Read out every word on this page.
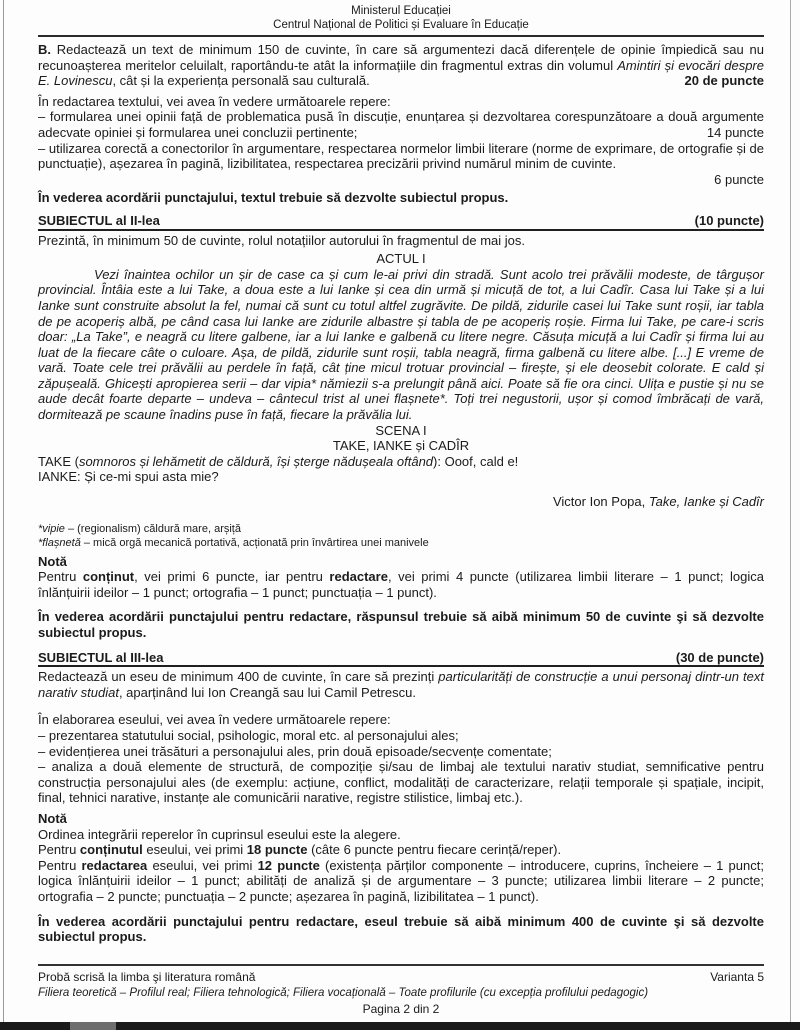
Ministerul Educației
Centrul Național de Politici și Evaluare în Educație

B. Redactează un text de minimum 150 de cuvinte, în care să argumentezi dacă diferențele de opinie împiedică sau nu recunoașterea meritelor celuilalt, raportându-te atât la informațiile din fragmentul extras din volumul Amintiri și evocări despre E. Lovinescu, cât și la experiența personală sau culturală.	20 de puncte

În redactarea textului, vei avea în vedere următoarele repere:

– formularea unei opinii față de problematica pusă în discuție, enunțarea și dezvoltarea corespunzătoare a două argumente adecvate opiniei și formularea unei concluzii pertinente;	14 puncte

– utilizarea corectă a conectorilor în argumentare, respectarea normelor limbii literare (norme de exprimare, de ortografie și de punctuație), așezarea în pagină, lizibilitatea, respectarea precizării privind numărul minim de cuvinte.

6 puncte

În vederea acordării punctajului, textul trebuie să dezvolte subiectul propus.

SUBIECTUL al II-lea	(10 puncte)

Prezintă, în minimum 50 de cuvinte, rolul notațiilor autorului în fragmentul de mai jos.

ACTUL I

Vezi înaintea ochilor un șir de case ca și cum le-ai privi din stradă. Sunt acolo trei prăvălii modeste, de târgușor provincial. Întâia este a lui Take, a doua este a lui Ianke și cea din urmă și micuță de tot, a lui Cadîr. Casa lui Take și a lui Ianke sunt construite absolut la fel, numai că sunt cu totul altfel zugrăvite. De pildă, zidurile casei lui Take sunt roșii, iar tabla de pe acoperiș albă, pe când casa lui Ianke are zidurile albastre și tabla de pe acoperiș roșie. Firma lui Take, pe care-i scris doar: „La Take”, e neagră cu litere galbene, iar a lui Ianke e galbenă cu litere negre. Căsuța micuță a lui Cadîr și firma lui au luat de la fiecare câte o culoare. Așa, de pildă, zidurile sunt roșii, tabla neagră, firma galbenă cu litere albe. [...] E vreme de vară. Toate cele trei prăvălii au perdele în față, cât ține micul trotuar provincial – firește, și ele deosebit colorate. E cald și zăpușeală. Ghicești apropierea serii – dar vipia* nămiezii s-a prelungit până aici. Poate să fie ora cinci. Ulița e pustie și nu se aude decât foarte departe – undeva – cântecul trist al unei flașnete*. Toți trei negustorii, ușor și comod îmbrăcați de vară, dormitează pe scaune înadins puse în față, fiecare la prăvălia lui.

SCENA I
TAKE, IANKE și CADÎR

TAKE (somnoros și lehămetit de căldură, își șterge nădușeala oftând): Ooof, cald e!

IANKE: Și ce-mi spui asta mie?

Victor Ion Popa, Take, Ianke și Cadîr

*vipie – (regionalism) căldură mare, arșiță

*flașnetă – mică orgă mecanică portativă, acționată prin învârtirea unei manivele

Notă

Pentru conținut, vei primi 6 puncte, iar pentru redactare, vei primi 4 puncte (utilizarea limbii literare – 1 punct; logica înlănțuirii ideilor – 1 punct; ortografia – 1 punct; punctuația – 1 punct).

În vederea acordării punctajului pentru redactare, răspunsul trebuie să aibă minimum 50 de cuvinte şi să dezvolte subiectul propus.

SUBIECTUL al III-lea	(30 de puncte)

Redactează un eseu de minimum 400 de cuvinte, în care să prezinți particularități de construcție a unui personaj dintr-un text narativ studiat, aparținând lui Ion Creangă sau lui Camil Petrescu.

În elaborarea eseului, vei avea în vedere următoarele repere:

– prezentarea statutului social, psihologic, moral etc. al personajului ales;

– evidențierea unei trăsături a personajului ales, prin două episoade/secvențe comentate;

– analiza a două elemente de structură, de compoziție și/sau de limbaj ale textului narativ studiat, semnificative pentru construcția personajului ales (de exemplu: acțiune, conflict, modalități de caracterizare, relații temporale și spațiale, incipit, final, tehnici narative, instanțe ale comunicării narative, registre stilistice, limbaj etc.).

Notă

Ordinea integrării reperelor în cuprinsul eseului este la alegere.

Pentru conținutul eseului, vei primi 18 puncte (câte 6 puncte pentru fiecare cerință/reper).

Pentru redactarea eseului, vei primi 12 puncte (existența părților componente – introducere, cuprins, încheiere – 1 punct; logica înlănțuirii ideilor – 1 punct; abilități de analiză și de argumentare – 3 puncte; utilizarea limbii literare – 2 puncte; ortografia – 2 puncte; punctuația – 2 puncte; așezarea în pagină, lizibilitatea – 1 punct).

În vederea acordării punctajului pentru redactare, eseul trebuie să aibă minimum 400 de cuvinte şi să dezvolte subiectul propus.

Probă scrisă la limba şi literatura română	Varianta 5
Filiera teoretică – Profilul real; Filiera tehnologică; Filiera vocațională – Toate profilurile (cu excepția profilului pedagogic)
Pagina 2 din 2
